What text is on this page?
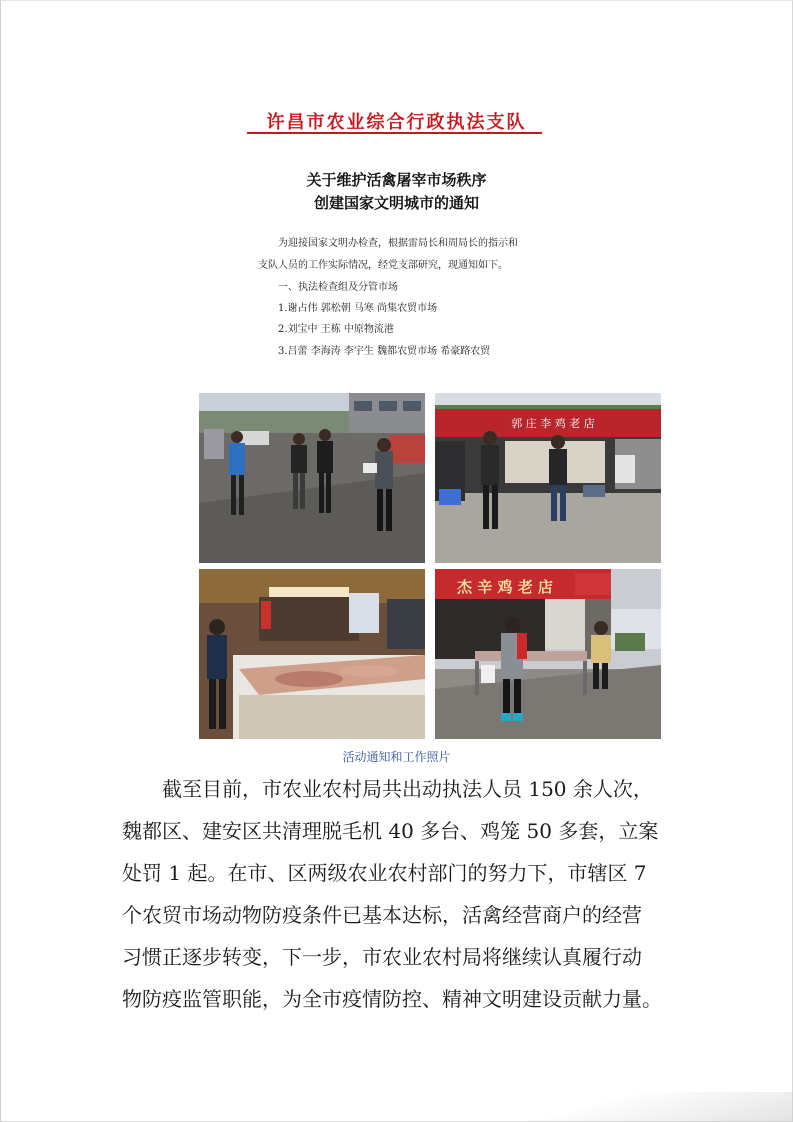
许昌市农业综合行政执法支队
关于维护活禽屠宰市场秩序
创建国家文明城市的通知
为迎接国家文明办检查，根据雷局长和周局长的指示和
支队人员的工作实际情况，经党支部研究，现通知如下。
一、执法检查组及分管市场
1.谢占伟 郭松朝 马寒 尚集农贸市场
2.刘宝中 王栋 中原物流港
3.吕蕾 李海涛 李宇生 魏都农贸市场 希豪路农贸
郭 庄 李 鸡 老 店
杰 辛 鸡 老 店
活动通知和工作照片
截至目前，市农业农村局共出动执法人员 150 余人次，
魏都区、建安区共清理脱毛机 40 多台、鸡笼 50 多套，立案
处罚 1 起。在市、区两级农业农村部门的努力下，市辖区 7
个农贸市场动物防疫条件已基本达标，活禽经营商户的经营
习惯正逐步转变，下一步，市农业农村局将继续认真履行动
物防疫监管职能，为全市疫情防控、精神文明建设贡献力量。
